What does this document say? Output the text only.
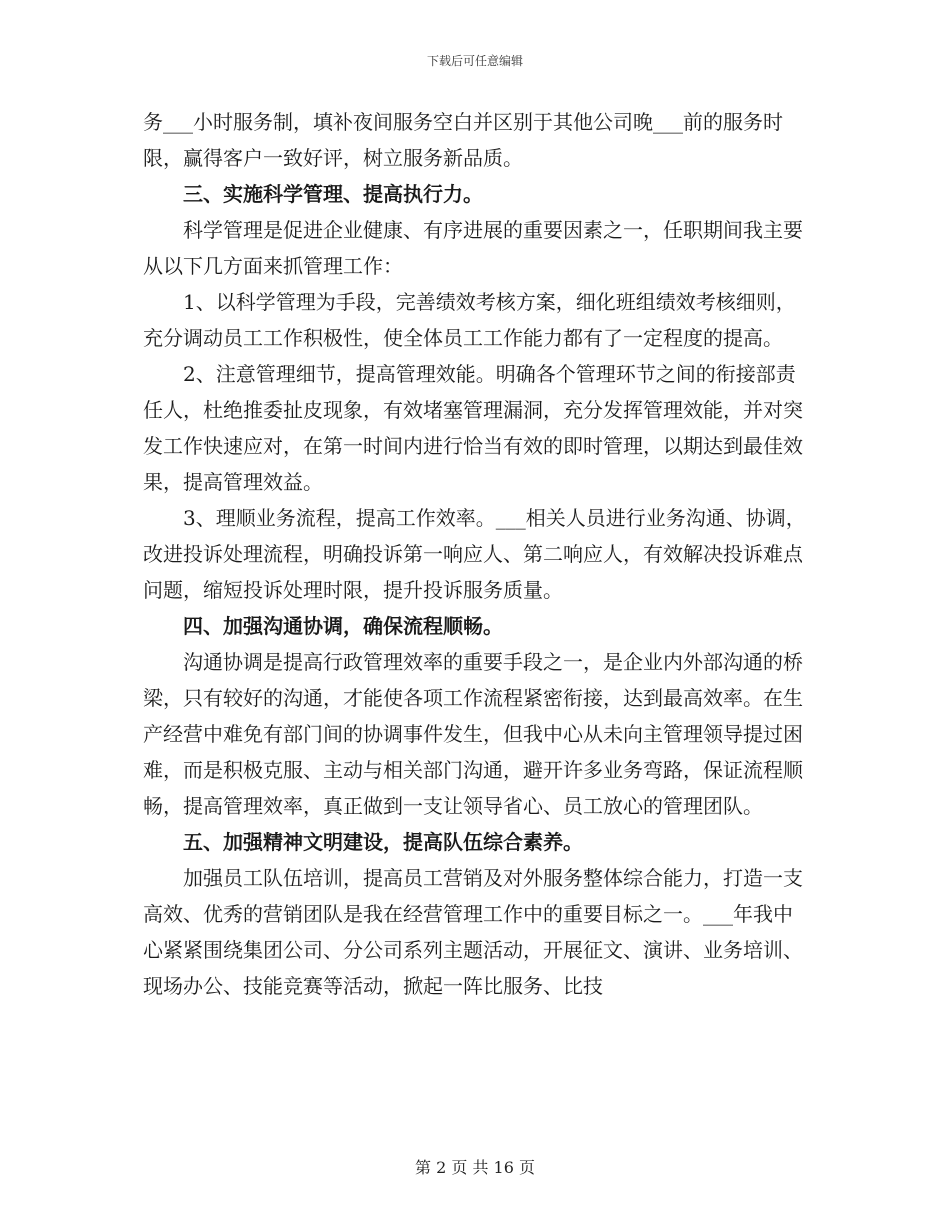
下载后可任意编辑

务___小时服务制，填补夜间服务空白并区别于其他公司晚___前的服务时限，赢得客户一致好评，树立服务新品质。

三、实施科学管理、提高执行力。

科学管理是促进企业健康、有序进展的重要因素之一，任职期间我主要从以下几方面来抓管理工作：

1、以科学管理为手段，完善绩效考核方案，细化班组绩效考核细则，充分调动员工工作积极性，使全体员工工作能力都有了一定程度的提高。

2、注意管理细节，提高管理效能。明确各个管理环节之间的衔接部责任人，杜绝推委扯皮现象，有效堵塞管理漏洞，充分发挥管理效能，并对突发工作快速应对，在第一时间内进行恰当有效的即时管理，以期达到最佳效果，提高管理效益。

3、理顺业务流程，提高工作效率。___相关人员进行业务沟通、协调，改进投诉处理流程，明确投诉第一响应人、第二响应人，有效解决投诉难点问题，缩短投诉处理时限，提升投诉服务质量。

四、加强沟通协调，确保流程顺畅。

沟通协调是提高行政管理效率的重要手段之一，是企业内外部沟通的桥梁，只有较好的沟通，才能使各项工作流程紧密衔接，达到最高效率。在生产经营中难免有部门间的协调事件发生，但我中心从未向主管理领导提过困难，而是积极克服、主动与相关部门沟通，避开许多业务弯路，保证流程顺畅，提高管理效率，真正做到一支让领导省心、员工放心的管理团队。

五、加强精神文明建设，提高队伍综合素养。

加强员工队伍培训，提高员工营销及对外服务整体综合能力，打造一支高效、优秀的营销团队是我在经营管理工作中的重要目标之一。___年我中心紧紧围绕集团公司、分公司系列主题活动，开展征文、演讲、业务培训、现场办公、技能竞赛等活动，掀起一阵比服务、比技

第 2 页 共 16 页
